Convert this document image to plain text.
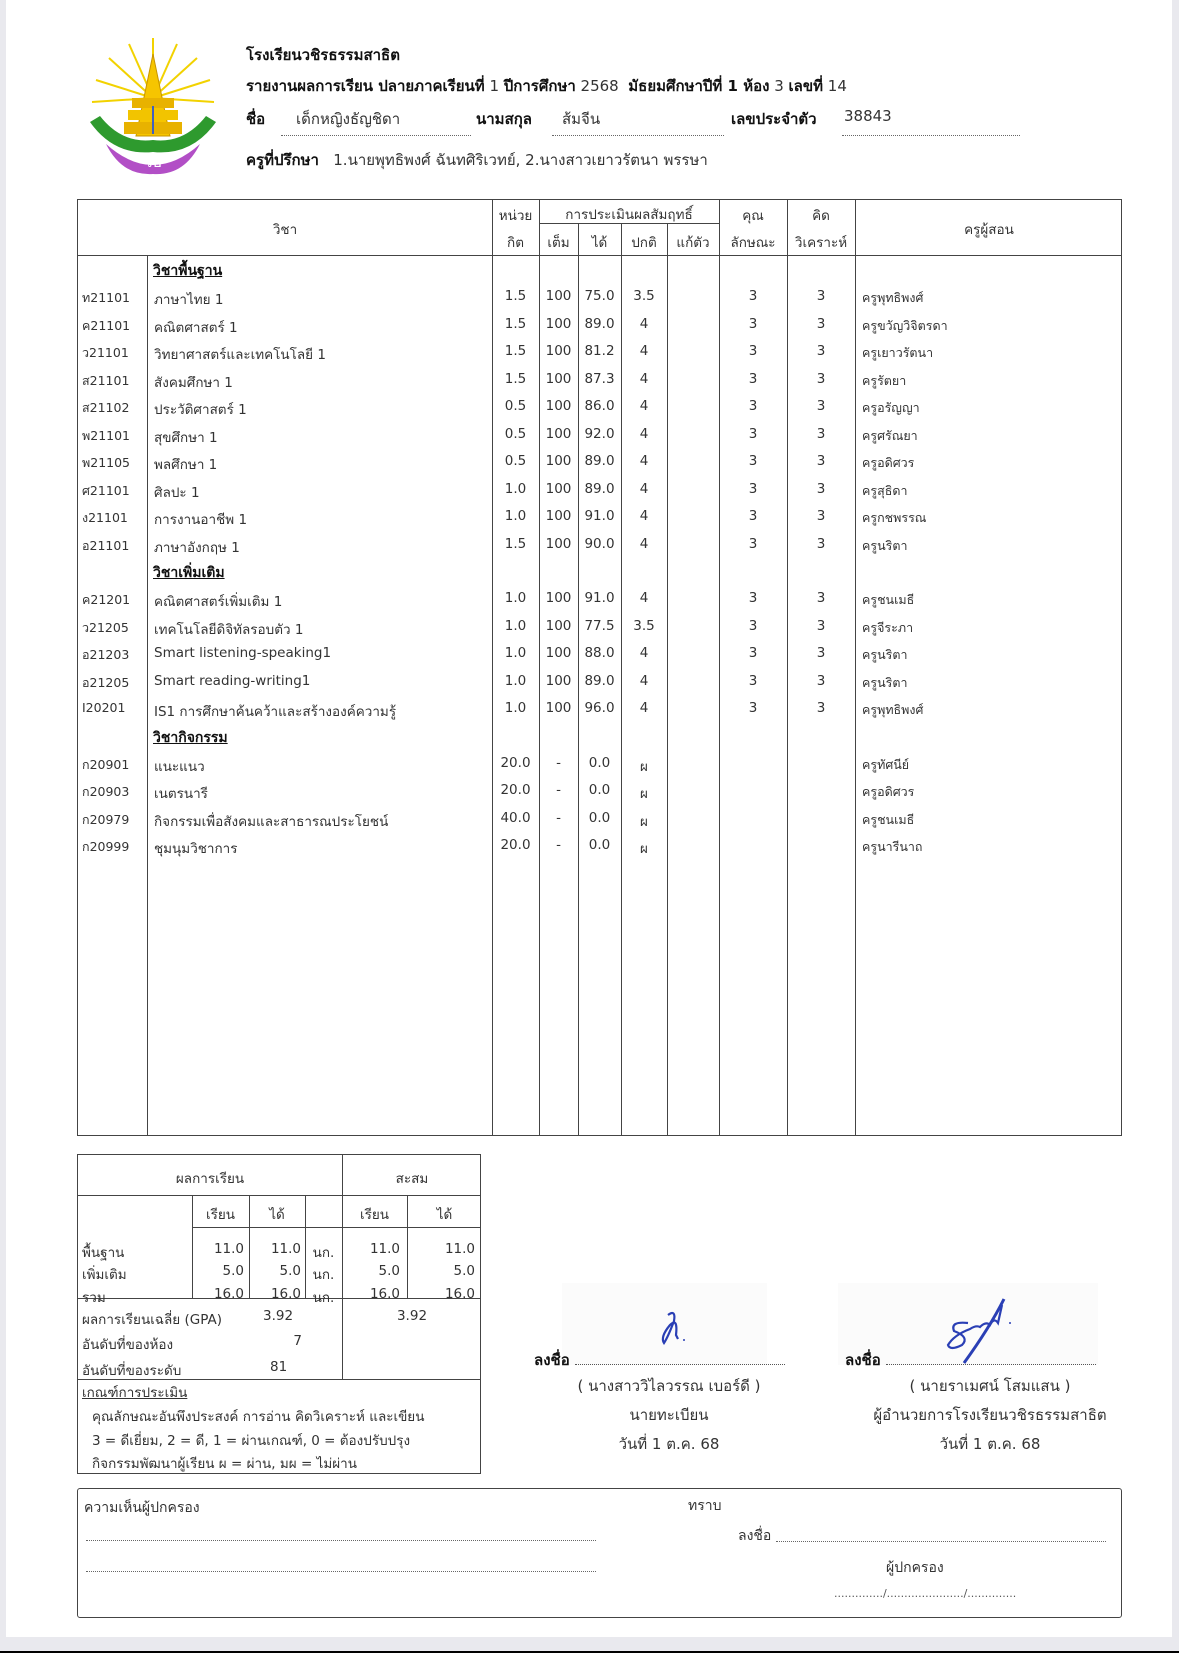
วธ
โรงเรียนวชิรธรรมสาธิต
รายงานผลการเรียน ปลายภาคเรียนที่ 1 ปีการศึกษา 2568 มัธยมศึกษาปีที่ 1 ห้อง 3 เลขที่ 14
ชื่อ เด็กหญิงธัญชิดา	นามสกุล ส้มจีน	เลขประจำตัว 38843
ครูที่ปรึกษา 1.นายพุทธิพงศ์ ฉันทศิริเวทย์, 2.นางสาวเยาวรัตนา พรรษา
วิชา
หน่วย
กิต
การประเมินผลสัมฤทธิ์
เต็ม	ได้	ปกติ	แก้ตัว
คุณ
ลักษณะ
คิด
วิเคราะห์
ครูผู้สอน
วิชาพื้นฐาน
ท21101 ภาษาไทย 1	1.5	100 75.0	3.5	3	3	ครูพุทธิพงศ์
ค21101 คณิตศาสตร์ 1	1.5	100 89.0	4	3	3	ครูขวัญวิจิตรดา
ว21101 วิทยาศาสตร์และเทคโนโลยี 1	1.5	100 81.2	4	3	3	ครูเยาวรัตนา
ส21101 สังคมศึกษา 1	1.5	100 87.3	4	3	3	ครูรัตยา
ส21102 ประวัติศาสตร์ 1	0.5	100 86.0	4	3	3	ครูอรัญญา
พ21101 สุขศึกษา 1	0.5	100 92.0	4	3	3	ครูศรัณยา
พ21105 พลศึกษา 1	0.5	100 89.0	4	3	3	ครูอดิศวร
ศ21101 ศิลปะ 1	1.0	100 89.0	4	3	3	ครูสุธิดา
ง21101 การงานอาชีพ 1	1.0	100 91.0	4	3	3	ครูกชพรรณ
อ21101 ภาษาอังกฤษ 1	1.5	100 90.0	4	3	3	ครูนริตา
วิชาเพิ่มเติม
ค21201 คณิตศาสตร์เพิ่มเติม 1	1.0	100 91.0	4	3	3	ครูชนเมธี
ว21205 เทคโนโลยีดิจิทัลรอบตัว 1	1.0	100 77.5	3.5	3	3	ครูจีระภา
อ21203 Smart listening-speaking1	1.0	100 88.0	4	3	3	ครูนริตา
อ21205 Smart reading-writing1	1.0	100 89.0	4	3	3	ครูนริตา
I20201 IS1 การศึกษาค้นคว้าและสร้างองค์ความรู้	1.0	100 96.0	4	3	3	ครูพุทธิพงศ์
วิชากิจกรรม
ก20901 แนะแนว	20.0	-	0.0	ผ	ครูทัศนีย์
ก20903 เนตรนารี	20.0	-	0.0	ผ	ครูอดิศวร
ก20979 กิจกรรมเพื่อสังคมและสาธารณประโยชน์	40.0	-	0.0	ผ	ครูชนเมธี
ก20999 ชุมนุมวิชาการ	20.0	-	0.0	ผ	ครูนารีนาถ
ผลการเรียน	สะสม
เรียน	ได้	เรียน	ได้
พื้นฐาน	11.0	11.0 นก.	11.0	11.0
เพิ่มเติม	5.0	5.0 นก.	5.0	5.0
รวม	16.0	16.0 นก.	16.0	16.0
ผลการเรียนเฉลี่ย (GPA)	3.92	3.92
อันดับที่ของห้อง	7
อันดับที่ของระดับ	81
เกณฑ์การประเมิน
คุณลักษณะอันพึงประสงค์ การอ่าน คิดวิเคราะห์ และเขียน
3 = ดีเยี่ยม, 2 = ดี, 1 = ผ่านเกณฑ์, 0 = ต้องปรับปรุง
กิจกรรมพัฒนาผู้เรียน ผ = ผ่าน, มผ = ไม่ผ่าน
ลงชื่อ
( นางสาววิไลวรรณ เบอร์ดี )
นายทะเบียน
วันที่ 1 ต.ค. 68
ลงชื่อ
( นายราเมศน์ โสมแสน )
ผู้อำนวยการโรงเรียนวชิรธรรมสาธิต
วันที่ 1 ต.ค. 68
ความเห็นผู้ปกครอง	ทราบ
ลงชื่อ
ผู้ปกครอง
............../....................../..............
